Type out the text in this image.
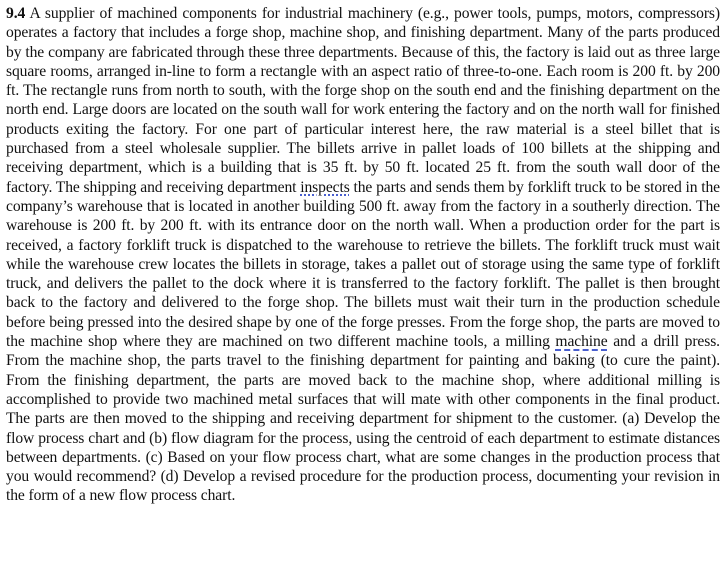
9.4 A supplier of machined components for industrial machinery (e.g., power tools, pumps, motors, compressors) operates a factory that includes a forge shop, machine shop, and finishing department. Many of the parts produced by the company are fabricated through these three departments. Because of this, the factory is laid out as three large square rooms, arranged in-line to form a rectangle with an aspect ratio of three-to-one. Each room is 200 ft. by 200 ft. The rectangle runs from north to south, with the forge shop on the south end and the finishing department on the north end. Large doors are located on the south wall for work entering the factory and on the north wall for finished products exiting the factory. For one part of particular interest here, the raw material is a steel billet that is purchased from a steel wholesale supplier. The billets arrive in pallet loads of 100 billets at the shipping and receiving department, which is a building that is 35 ft. by 50 ft. located 25 ft. from the south wall door of the factory. The shipping and receiving department inspects the parts and sends them by forklift truck to be stored in the company’s warehouse that is located in another building 500 ft. away from the factory in a southerly direction. The warehouse is 200 ft. by 200 ft. with its entrance door on the north wall. When a production order for the part is received, a factory forklift truck is dispatched to the warehouse to retrieve the billets. The forklift truck must wait while the warehouse crew locates the billets in storage, takes a pallet out of storage using the same type of forklift truck, and delivers the pallet to the dock where it is transferred to the factory forklift. The pallet is then brought back to the factory and delivered to the forge shop. The billets must wait their turn in the production schedule before being pressed into the desired shape by one of the forge presses. From the forge shop, the parts are moved to the machine shop where they are machined on two different machine tools, a milling machine and a drill press. From the machine shop, the parts travel to the finishing department for painting and baking (to cure the paint). From the finishing department, the parts are moved back to the machine shop, where additional milling is accomplished to provide two machined metal surfaces that will mate with other components in the final product. The parts are then moved to the shipping and receiving department for shipment to the customer. (a) Develop the flow process chart and (b) flow diagram for the process, using the centroid of each department to estimate distances between departments. (c) Based on your flow process chart, what are some changes in the production process that you would recommend? (d) Develop a revised procedure for the production process, documenting your revision in the form of a new flow process chart.
